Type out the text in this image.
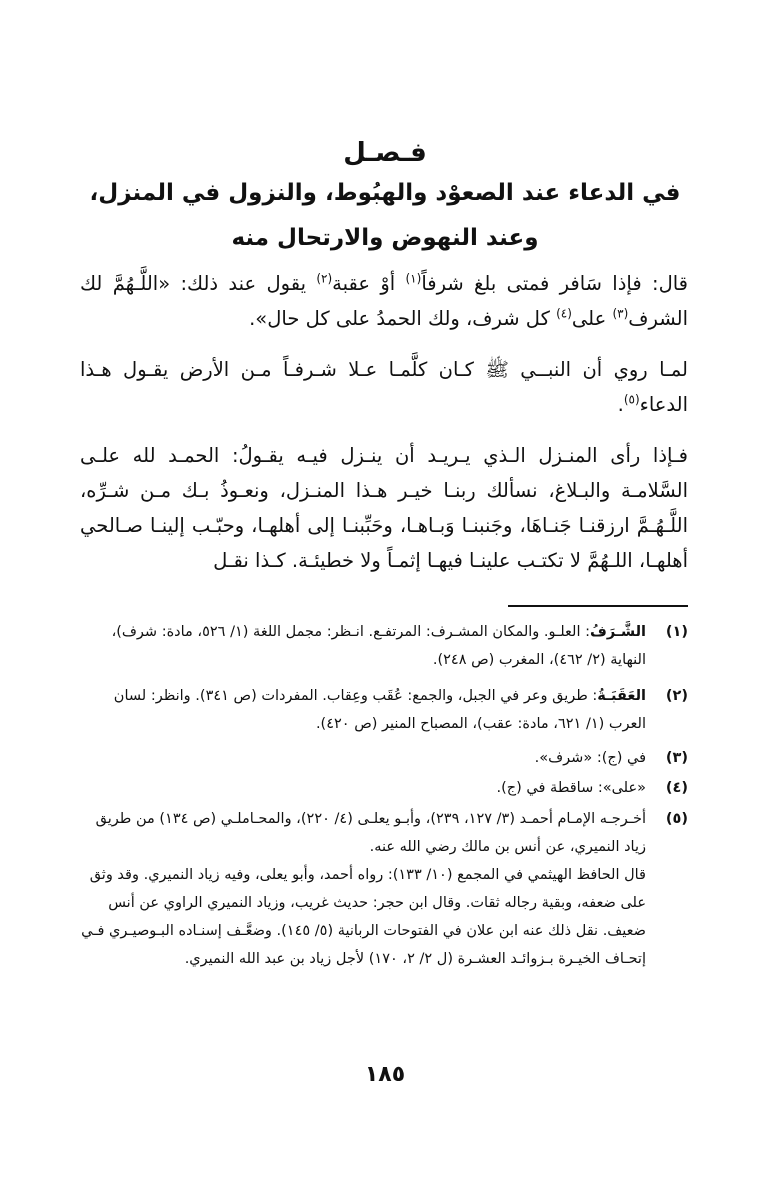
فـصـل
في الدعاء عند الصعوْد والهبُوط، والنزول في المنزل،
وعند النهوض والارتحال منه

قال: فإذا سَافر فمتى بلغ شرفاً$^{(١)}$ أوْ عقبة$^{(٢)}$ يقول عند ذلك: «اللَّـهُمَّ لك الشرف$^{(٣)}$ على$^{(٤)}$ كل شرف، ولك الحمدُ على كل حال».

لمـا روي أن النبــي ﷺ كـان كلَّمـا عـلا شـرفـاً مـن الأرض يقـول هـذا الدعاء$^{(٥)}$.

فـإذا رأى المنـزل الـذي يـريـد أن ينـزل فيـه يقـولُ: الحمـد لله علـى السَّلامـة والبـلاغ، نسألك ربنـا خيـر هـذا المنـزل، ونعـوذُ بـك مـن شـرِّه، اللَّـهُـمَّ ارزقنـا جَنـاهَا، وجَنبنـا وَبـاهـا، وحَبِّبنـا إلى أهلهـا، وحبّـب إلينـا صـالحي أهلهـا، اللـهُمَّ لا تكتـب علينـا فيهـا إثمـاً ولا خطيئـة. كـذا نقـل

(١)
الشَّـرَفُ: العلـو. والمكان المشـرف: المرتفـع. انـظر: مجمل اللغة (١/ ٥٢٦، مادة: شرف)، النهاية (٢/ ٤٦٢)، المغرب (ص ٢٤٨).
(٢)
العَقَبَـةُ: طريق وعر في الجبل، والجمع: عُقَب وعِقاب. المفردات (ص ٣٤١). وانظر: لسان العرب (١/ ٦٢١، مادة: عقب)، المصباح المنير (ص ٤٢٠).
(٣)
في (ج): «شرف».
(٤)
«على»: ساقطة في (ج).
(٥)
أخـرجـه الإمـام أحمـد (٣/ ١٢٧، ٢٣٩)، وأبـو يعلـى (٤/ ٢٢٠)، والمحـاملـي (ص ١٣٤) من طريق زياد النميري، عن أنس بن مالك رضي الله عنه.
قال الحافظ الهيثمي في المجمع (١٠/ ١٣٣): رواه أحمد، وأبو يعلى، وفيه زياد النميري. وقد وثق على ضعفه، وبقية رجاله ثقات. وقال ابن حجر: حديث غريب، وزياد النميري الراوي عن أنس ضعيف. نقل ذلك عنه ابن علان في الفتوحات الربانية (٥/ ١٤٥). وضعَّـف إسنـاده البـوصيـري فـي إتحـاف الخيـرة بـزوائـد العشـرة (ل ٢/ ٢، ١٧٠) لأجل زياد بن عبد الله النميري.
١٨٥
